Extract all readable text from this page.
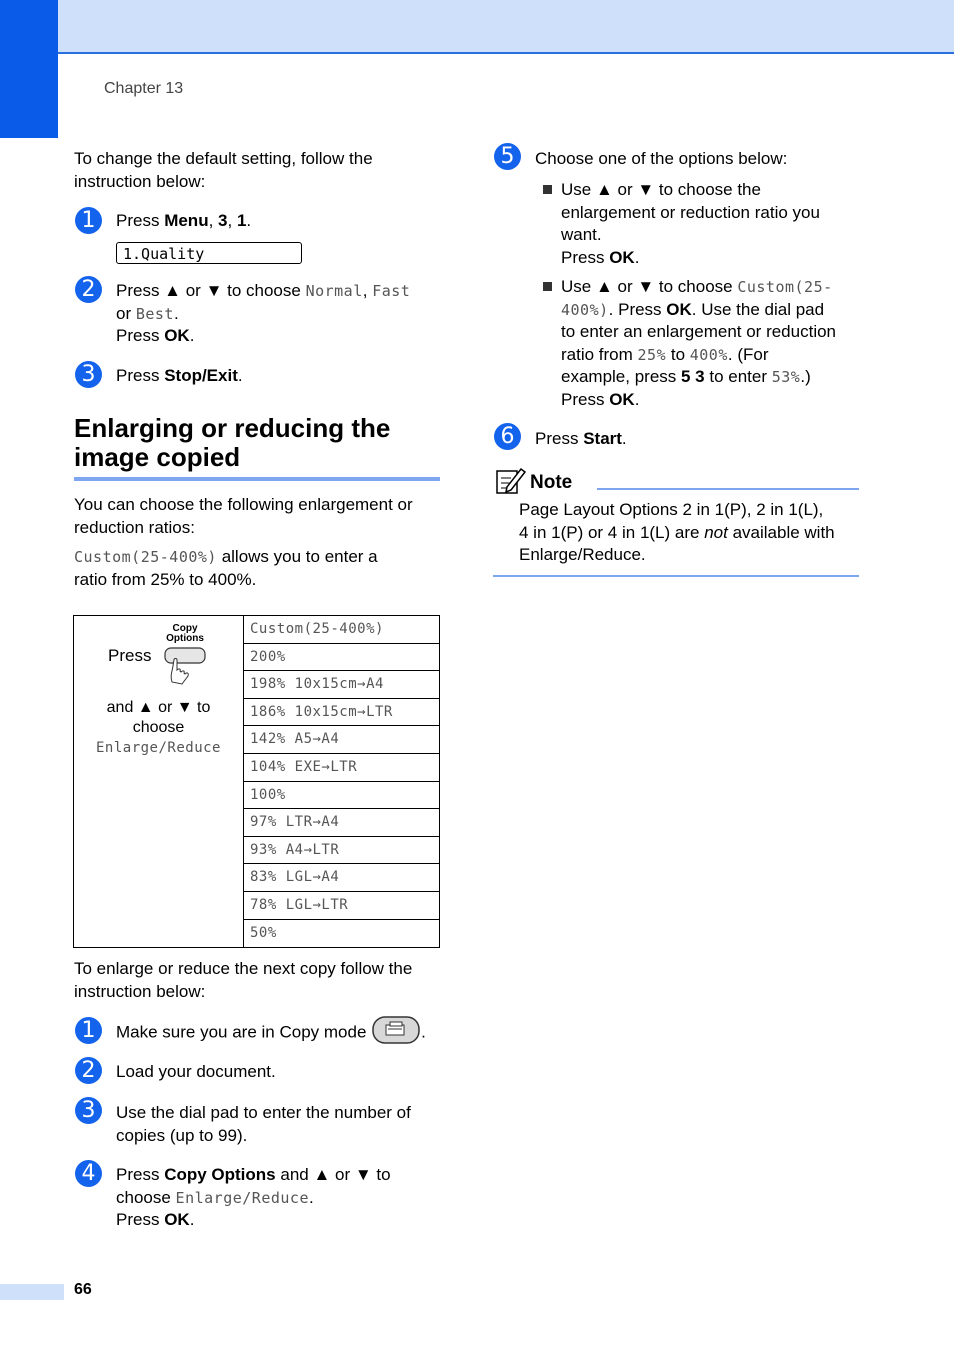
Chapter 13
To change the default setting, follow the instruction below:
1	Press Menu, 3, 1.
1.Quality
2	Press ▲ or ▼ to choose Normal, Fast
or Best.
Press OK.
3	Press Stop/Exit.
Enlarging or reducing the
image copied
You can choose the following enlargement or reduction ratios:
Custom(25-400%) allows you to enter a
ratio from 25% to 400%.
Press
Copy
Options
and ▲ or ▼ to
choose
Enlarge/Reduce
Custom(25-400%)
200%
198% 10x15cm→A4
186% 10x15cm→LTR
142% A5→A4
104% EXE→LTR
100%
97% LTR→A4
93% A4→LTR
83% LGL→A4
78% LGL→LTR
50%
To enlarge or reduce the next copy follow the instruction below:
1	Make sure you are in Copy mode	.
2	Load your document.
3	Use the dial pad to enter the number of
copies (up to 99).
4	Press Copy Options and ▲ or ▼ to
choose Enlarge/Reduce.
Press OK.
5	Choose one of the options below:
Use ▲ or ▼ to choose the
enlargement or reduction ratio you
want.
Press OK.
Use ▲ or ▼ to choose Custom(25-
400%). Press OK. Use the dial pad
to enter an enlargement or reduction
ratio from 25% to 400%. (For
example, press 5 3 to enter 53%.)
Press OK.
6	Press Start.
Note
Page Layout Options 2 in 1(P), 2 in 1(L),
4 in 1(P) or 4 in 1(L) are not available with
Enlarge/Reduce.
66
